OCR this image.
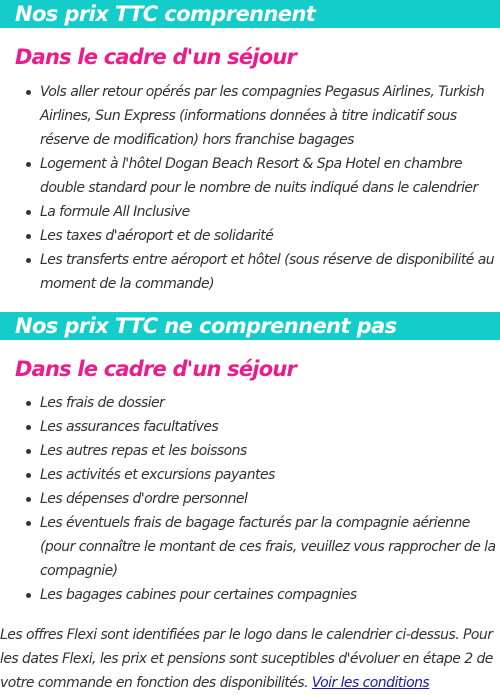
Nos prix TTC comprennent
Dans le cadre d'un séjour
Vols aller retour opérés par les compagnies Pegasus Airlines, Turkish Airlines, Sun Express (informations données à titre indicatif sous réserve de modification) hors franchise bagages
Logement à l'hôtel Dogan Beach Resort & Spa Hotel en chambre double standard pour le nombre de nuits indiqué dans le calendrier
La formule All Inclusive
Les taxes d'aéroport et de solidarité
Les transferts entre aéroport et hôtel (sous réserve de disponibilité au moment de la commande)
Nos prix TTC ne comprennent pas
Dans le cadre d'un séjour
Les frais de dossier
Les assurances facultatives
Les autres repas et les boissons
Les activités et excursions payantes
Les dépenses d'ordre personnel
Les éventuels frais de bagage facturés par la compagnie aérienne (pour connaître le montant de ces frais, veuillez vous rapprocher de la compagnie)
Les bagages cabines pour certaines compagnies

Les offres Flexi sont identifiées par le logo dans le calendrier ci-dessus. Pour les dates Flexi, les prix et pensions sont suceptibles d'évoluer en étape 2 de votre commande en fonction des disponibilités. Voir les conditions
